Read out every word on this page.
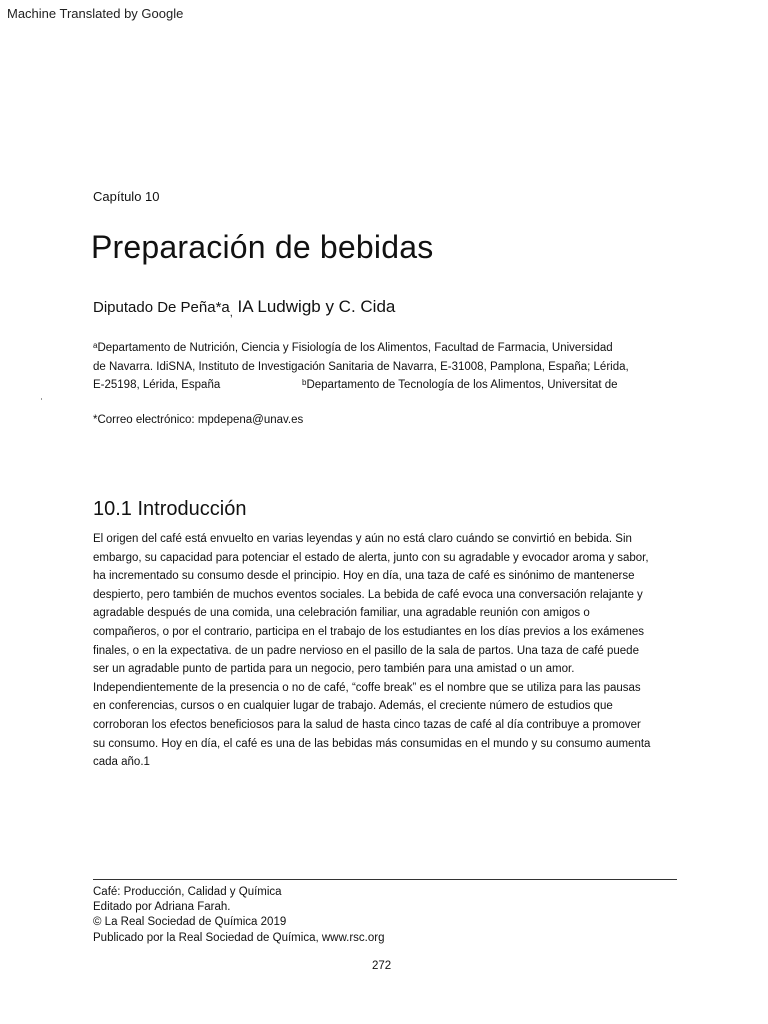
Machine Translated by Google
Capítulo 10
Preparación de bebidas
Diputado De $Peña*a_,$ IA Ludwigb y C. Cida
$^a$Departamento de Nutrición, Ciencia y Fisiología de los Alimentos, Facultad de Farmacia, Universidad
de Navarra. IdiSNA, Instituto de Investigación Sanitaria de Navarra, E-31008, Pamplona, España; Lérida,
E-25198, Lérida, España	$^b$Departamento de Tecnología de los Alimentos, Universitat de
*Correo electrónico: mpdepena@unav.es
10.1 Introducción
El origen del café está envuelto en varias leyendas y aún no está claro cuándo se convirtió en bebida. Sin
embargo, su capacidad para potenciar el estado de alerta, junto con su agradable y evocador aroma y sabor,
ha incrementado su consumo desde el principio. Hoy en día, una taza de café es sinónimo de mantenerse
despierto, pero también de muchos eventos sociales. La bebida de café evoca una conversación relajante y
agradable después de una comida, una celebración familiar, una agradable reunión con amigos o
compañeros, o por el contrario, participa en el trabajo de los estudiantes en los días previos a los exámenes
finales, o en la expectativa. de un padre nervioso en el pasillo de la sala de partos. Una taza de café puede
ser un agradable punto de partida para un negocio, pero también para una amistad o un amor.
Independientemente de la presencia o no de café, “coffe break” es el nombre que se utiliza para las pausas
en conferencias, cursos o en cualquier lugar de trabajo. Además, el creciente número de estudios que
corroboran los efectos beneficiosos para la salud de hasta cinco tazas de café al día contribuye a promover
su consumo. Hoy en día, el café es una de las bebidas más consumidas en el mundo y su consumo aumenta
cada año.1
Café: Producción, Calidad y Química
Editado por Adriana Farah.
© La Real Sociedad de Química 2019
Publicado por la Real Sociedad de Química, www.rsc.org
272
